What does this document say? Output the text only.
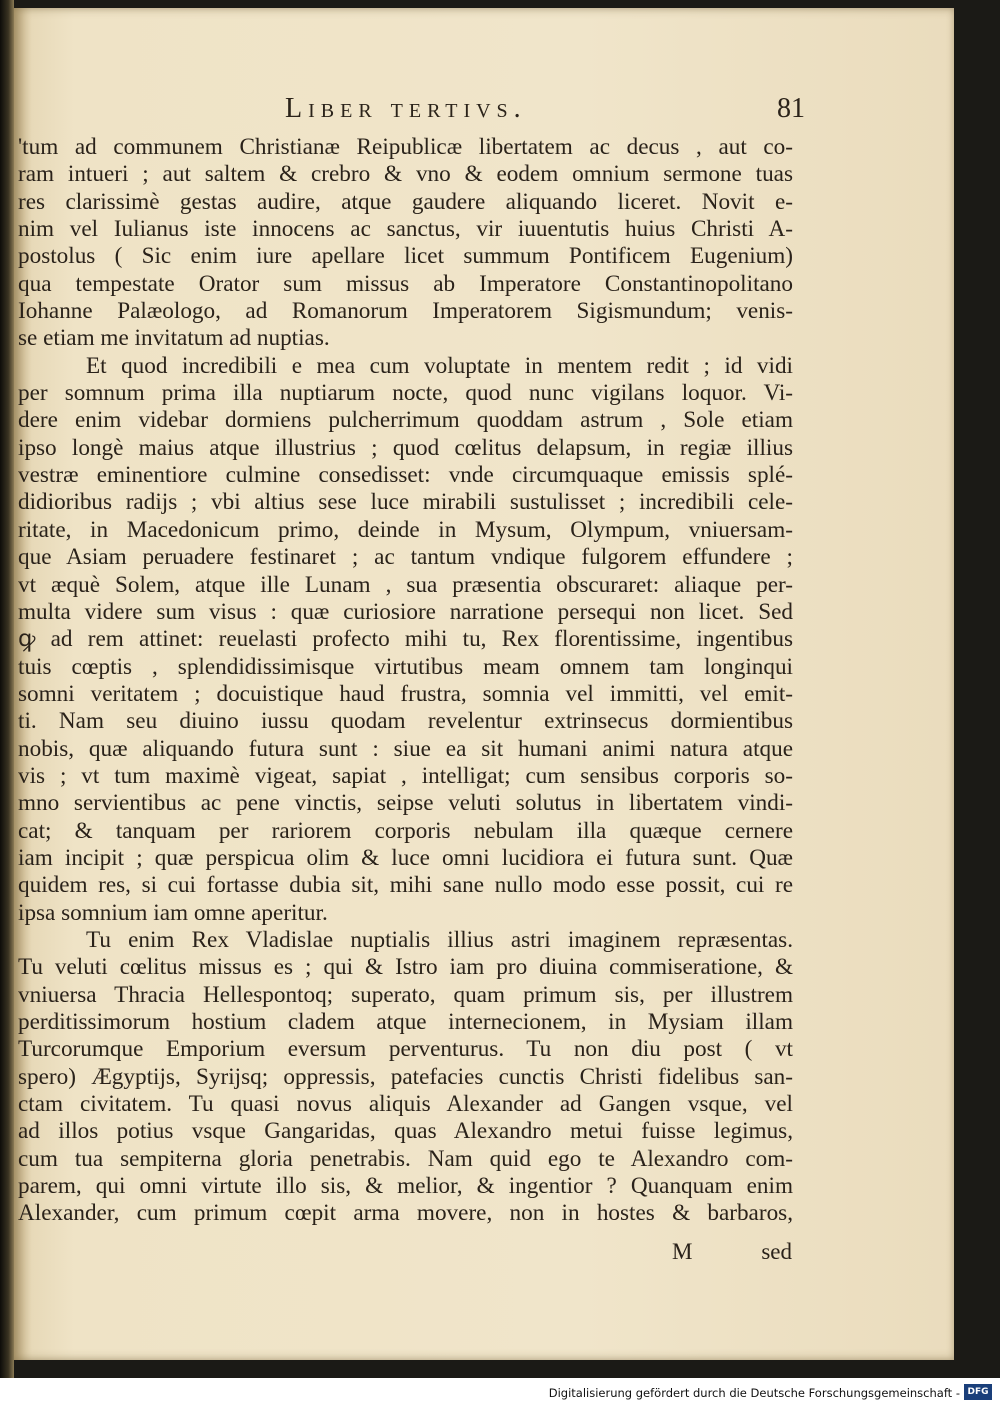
Liber tertivs.	81
'tum ad communem Christianæ Reipublicæ libertatem ac decus , aut co-
ram intueri ; aut saltem & crebro & vno & eodem omnium sermone tuas
res clarissimè gestas audire, atque gaudere aliquando liceret. Novit e-
nim vel Iulianus iste innocens ac sanctus, vir iuuentutis huius Christi A-
postolus ( Sic enim iure apellare licet summum Pontificem Eugenium)
qua tempestate Orator sum missus ab Imperatore Constantinopolitano
Iohanne Palæologo, ad Romanorum Imperatorem Sigismundum; venis-
se etiam me invitatum ad nuptias.
Et quod incredibili e mea cum voluptate in mentem redit ; id vidi
per somnum prima illa nuptiarum nocte, quod nunc vigilans loquor. Vi-
dere enim videbar dormiens pulcherrimum quoddam astrum , Sole etiam
ipso longè maius atque illustrius ; quod cœlitus delapsum, in regiæ illius
vestræ eminentiore culmine consedisset: vnde circumquaque emissis splé-
didioribus radijs ; vbi altius sese luce mirabili sustulisset ; incredibili cele-
ritate, in Macedonicum primo, deinde in Mysum, Olympum, vniuersam-
que Asiam peruadere festinaret ; ac tantum vndique fulgorem effundere ;
vt æquè Solem, atque ille Lunam , sua præsentia obscuraret: aliaque per-
multa videre sum visus : quæ curiosiore narratione persequi non licet. Sed
ꝙ ad rem attinet: reuelasti profecto mihi tu, Rex florentissime, ingentibus
tuis cœptis , splendidissimisque virtutibus meam omnem tam longinqui
somni veritatem ; docuistique haud frustra, somnia vel immitti, vel emit-
ti. Nam seu diuino iussu quodam revelentur extrinsecus dormientibus
nobis, quæ aliquando futura sunt : siue ea sit humani animi natura atque
vis ; vt tum maximè vigeat, sapiat , intelligat; cum sensibus corporis so-
mno servientibus ac pene vinctis, seipse veluti solutus in libertatem vindi-
cat; & tanquam per rariorem corporis nebulam illa quæque cernere
iam incipit ; quæ perspicua olim & luce omni lucidiora ei futura sunt. Quæ
quidem res, si cui fortasse dubia sit, mihi sane nullo modo esse possit, cui re
ipsa somnium iam omne aperitur.
Tu enim Rex Vladislae nuptialis illius astri imaginem repræsentas.
Tu veluti cœlitus missus es ; qui & Istro iam pro diuina commiseratione, &
vniuersa Thracia Hellespontoq; superato, quam primum sis, per illustrem
perditissimorum hostium cladem atque internecionem, in Mysiam illam
Turcorumque Emporium eversum perventurus. Tu non diu post ( vt
spero) Ægyptijs, Syrijsq; oppressis, patefacies cunctis Christi fidelibus san-
ctam civitatem. Tu quasi novus aliquis Alexander ad Gangen vsque, vel
ad illos potius vsque Gangaridas, quas Alexandro metui fuisse legimus,
cum tua sempiterna gloria penetrabis. Nam quid ego te Alexandro com-
parem, qui omni virtute illo sis, & melior, & ingentior ? Quanquam enim
Alexander, cum primum cœpit arma movere, non in hostes & barbaros,
M	sed
Digitalisierung gefördert durch die Deutsche Forschungsgemeinschaft - DFG
